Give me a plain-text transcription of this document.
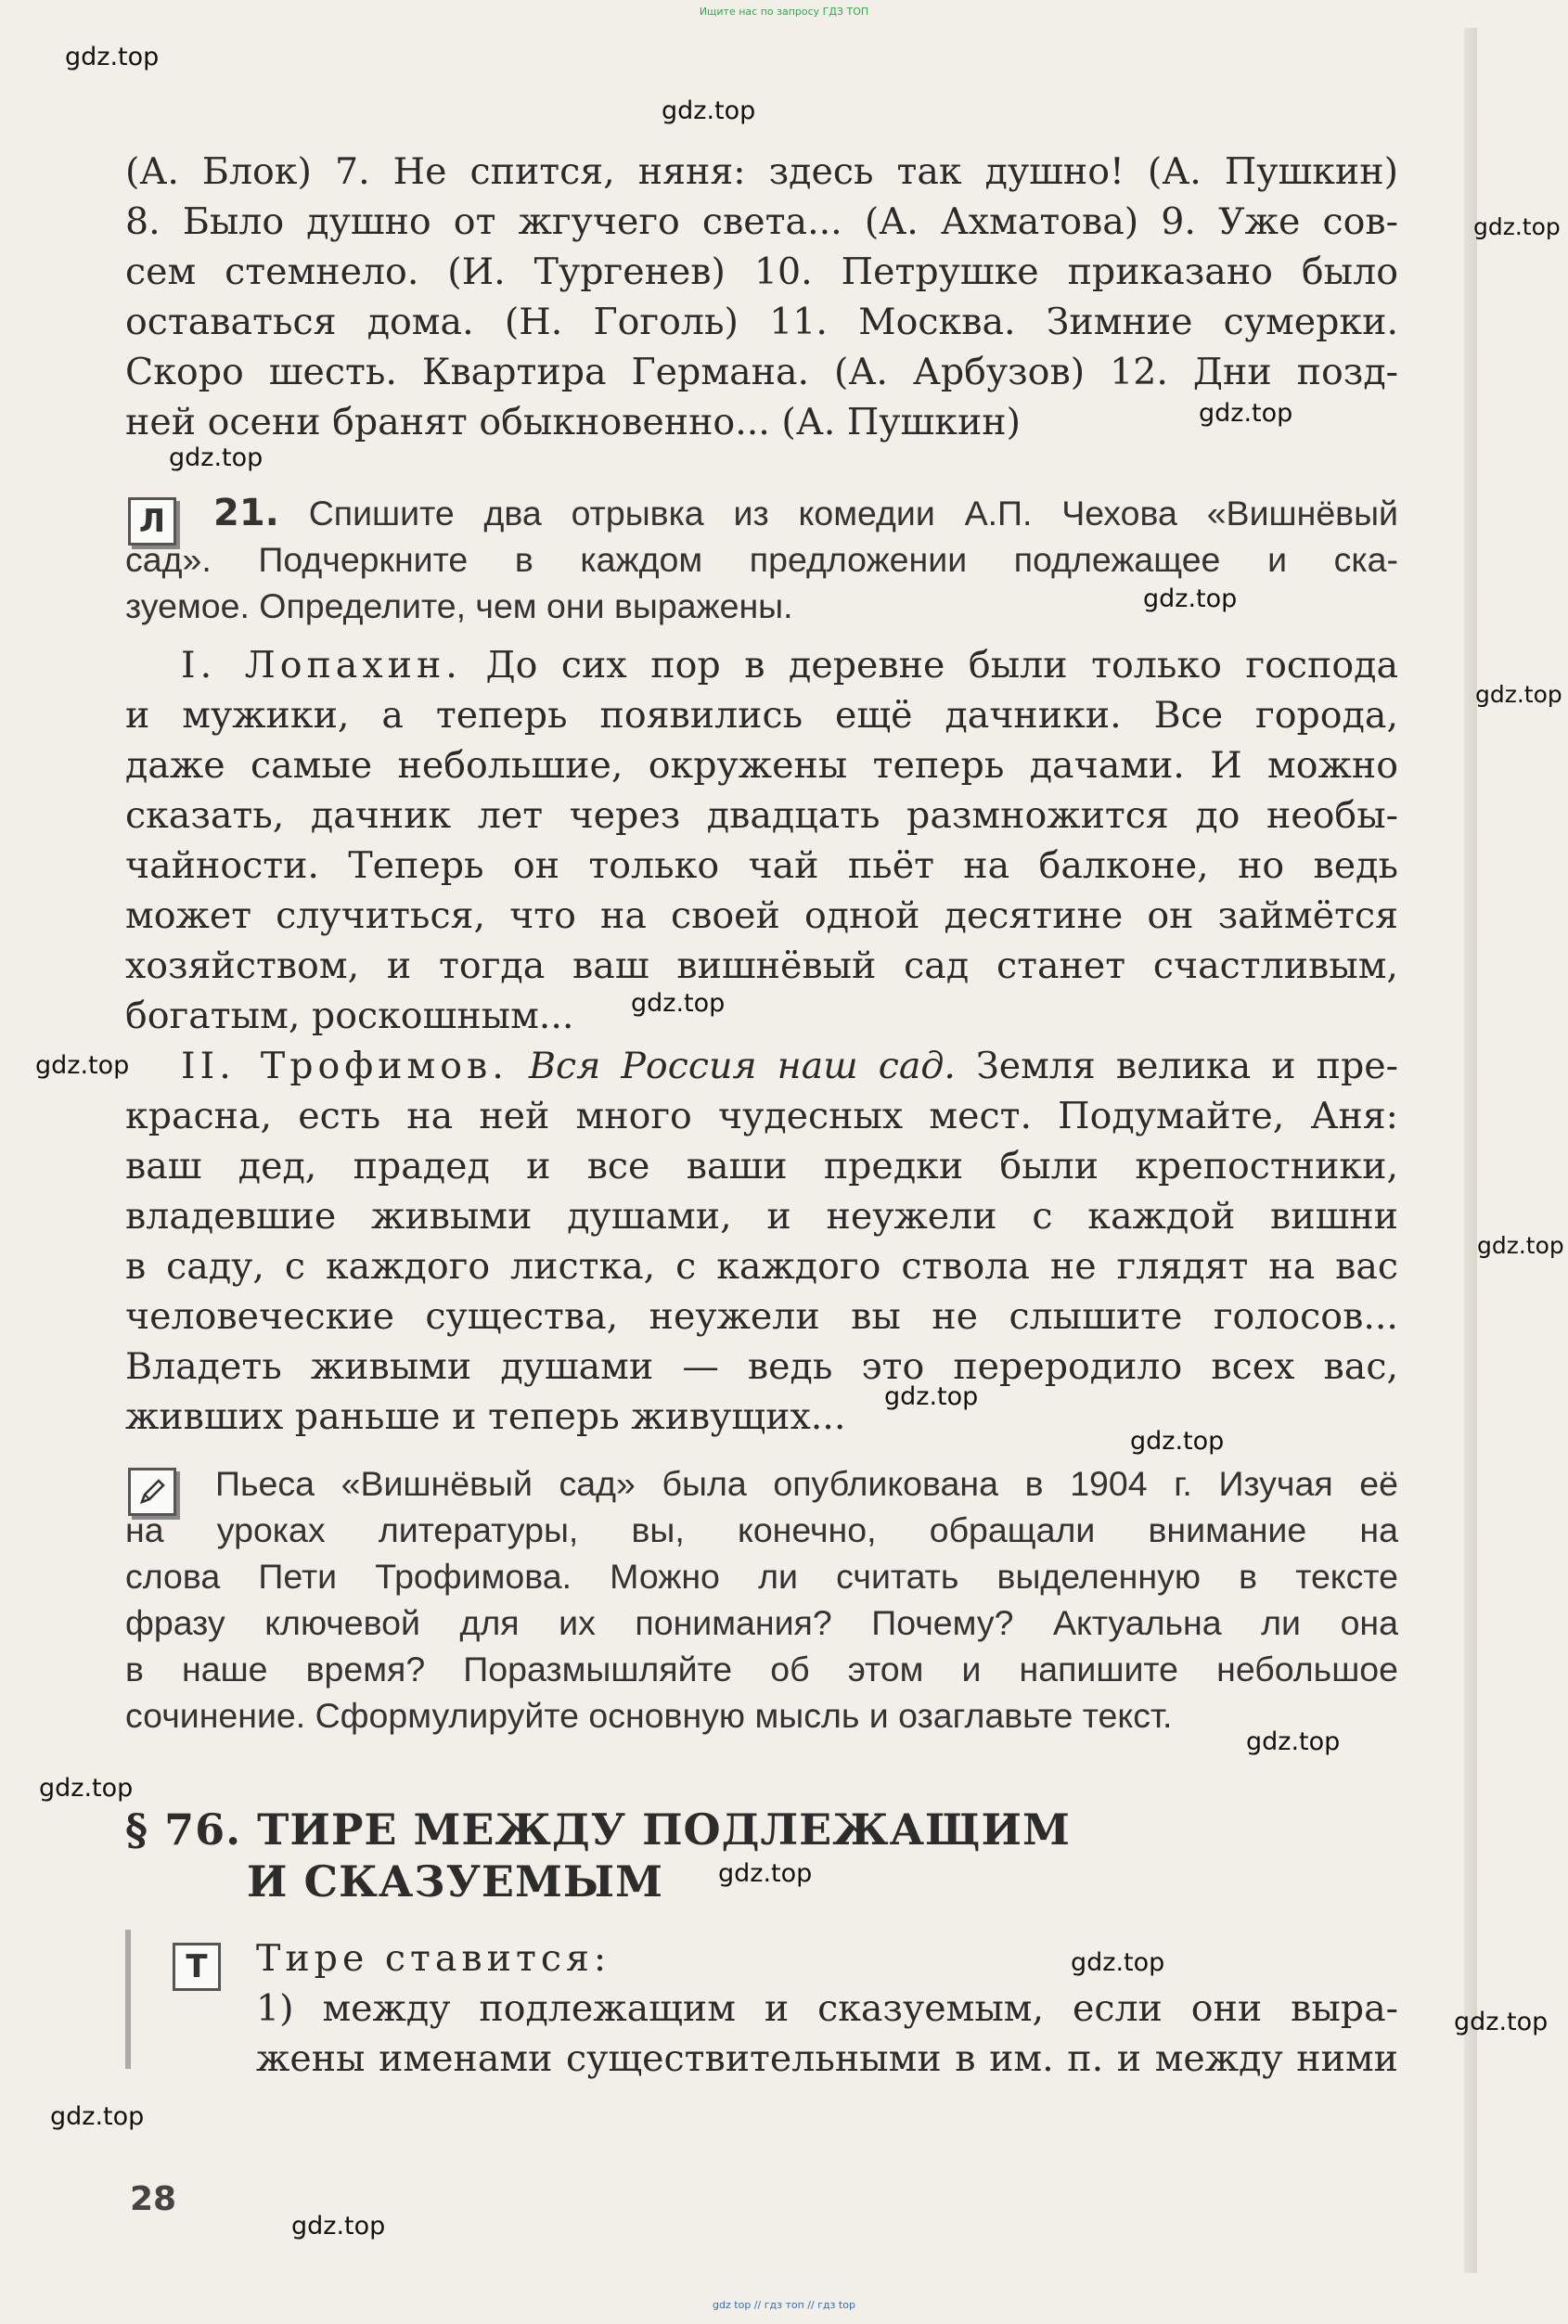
Ищите нас по запросу ГДЗ ТОП
gdz.top
gdz.top
gdz.top
gdz.top
gdz.top
gdz.top
gdz.top
gdz.top
gdz.top
gdz.top
gdz.top
gdz.top
gdz.top
gdz.top
gdz.top
gdz.top
gdz.top
gdz.top
gdz.top
(А. Блок) 7. Не спится, няня: здесь так душно! (А. Пушкин)
8. Было душно от жгучего света... (А. Ахматова) 9. Уже сов-
сем стемнело. (И. Тургенев) 10. Петрушке приказано было
оставаться дома. (Н. Гоголь) 11. Москва. Зимние сумерки.
Скоро шесть. Квартира Германа. (А. Арбузов) 12. Дни позд-
ней осени бранят обыкновенно... (А. Пушкин)
Л 21. Спишите два отрывка из комедии А.П. Чехова «Вишнёвый
сад». Подчеркните в каждом предложении подлежащее и ска-
зуемое. Определите, чем они выражены.
I. Лопахин. До сих пор в деревне были только господа
и мужики, а теперь появились ещё дачники. Все города,
даже самые небольшие, окружены теперь дачами. И можно
сказать, дачник лет через двадцать размножится до необы-
чайности. Теперь он только чай пьёт на балконе, но ведь
может случиться, что на своей одной десятине он займётся
хозяйством, и тогда ваш вишнёвый сад станет счастливым,
богатым, роскошным...
II. Трофимов. Вся Россия наш сад. Земля велика и пре-
красна, есть на ней много чудесных мест. Подумайте, Аня:
ваш дед, прадед и все ваши предки были крепостники,
владевшие живыми душами, и неужели с каждой вишни
в саду, с каждого листка, с каждого ствола не глядят на вас
человеческие существа, неужели вы не слышите голосов...
Владеть живыми душами — ведь это переродило всех вас,
живших раньше и теперь живущих...
Пьеса «Вишнёвый сад» была опубликована в 1904 г. Изучая её
на уроках литературы, вы, конечно, обращали внимание на
слова Пети Трофимова. Можно ли считать выделенную в тексте
фразу ключевой для их понимания? Почему? Актуальна ли она
в наше время? Поразмышляйте об этом и напишите небольшое
сочинение. Сформулируйте основную мысль и озаглавьте текст.
§ 76. ТИРЕ МЕЖДУ ПОДЛЕЖАЩИМ
И СКАЗУЕМЫМ
Т	Тире ставится:
1) между подлежащим и сказуемым, если они выра-
жены именами существительными в им. п. и между ними
28
gdz top // гдз топ // гдз top
